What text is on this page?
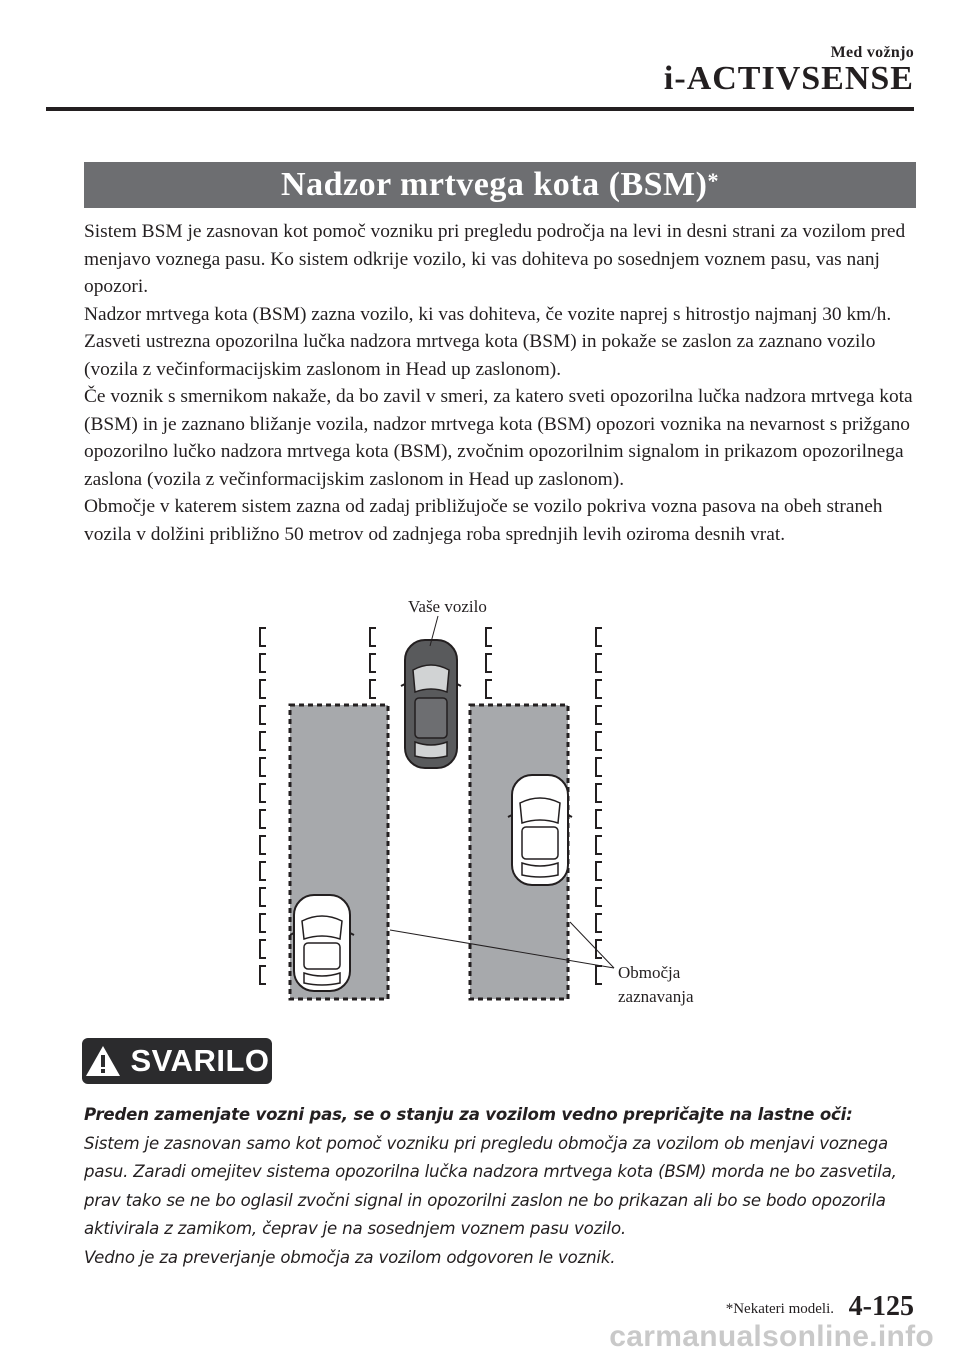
Med vožnjo
i-ACTIVSENSE
Nadzor mrtvega kota (BSM)*

Sistem BSM je zasnovan kot pomoč vozniku pri pregledu področja na levi in desni strani za vozilom pred menjavo voznega pasu. Ko sistem odkrije vozilo, ki vas dohiteva po sosednjem voznem pasu, vas nanj opozori.

Nadzor mrtvega kota (BSM) zazna vozilo, ki vas dohiteva, če vozite naprej s hitrostjo najmanj 30 km/h. Zasveti ustrezna opozorilna lučka nadzora mrtvega kota (BSM) in pokaže se zaslon za zaznano vozilo (vozila z večinformacijskim zaslonom in Head up zaslonom).

Če voznik s smernikom nakaže, da bo zavil v smeri, za katero sveti opozorilna lučka nadzora mrtvega kota (BSM) in je zaznano bližanje vozila, nadzor mrtvega kota (BSM) opozori voznika na nevarnost s prižgano opozorilno lučko nadzora mrtvega kota (BSM), zvočnim opozorilnim signalom in prikazom opozorilnega zaslona (vozila z večinformacijskim zaslonom in Head up zaslonom).

Območje v katerem sistem zazna od zadaj približujoče se vozilo pokriva vozna pasova na obeh straneh vozila v dolžini približno 50 metrov od zadnjega roba sprednjih levih oziroma desnih vrat.

Vaše vozilo
Območja
zaznavanja
SVARILO

Preden zamenjate vozni pas, se o stanju za vozilom vedno prepričajte na lastne oči:

Sistem je zasnovan samo kot pomoč vozniku pri pregledu območja za vozilom ob menjavi voznega pasu. Zaradi omejitev sistema opozorilna lučka nadzora mrtvega kota (BSM) morda ne bo zasvetila, prav tako se ne bo oglasil zvočni signal in opozorilni zaslon ne bo prikazan ali bo se bodo opozorila aktivirala z zamikom, čeprav je na sosednjem voznem pasu vozilo.

Vedno je za preverjanje območja za vozilom odgovoren le voznik.

*Nekateri modeli. 4-125
carmanualsonline.info
